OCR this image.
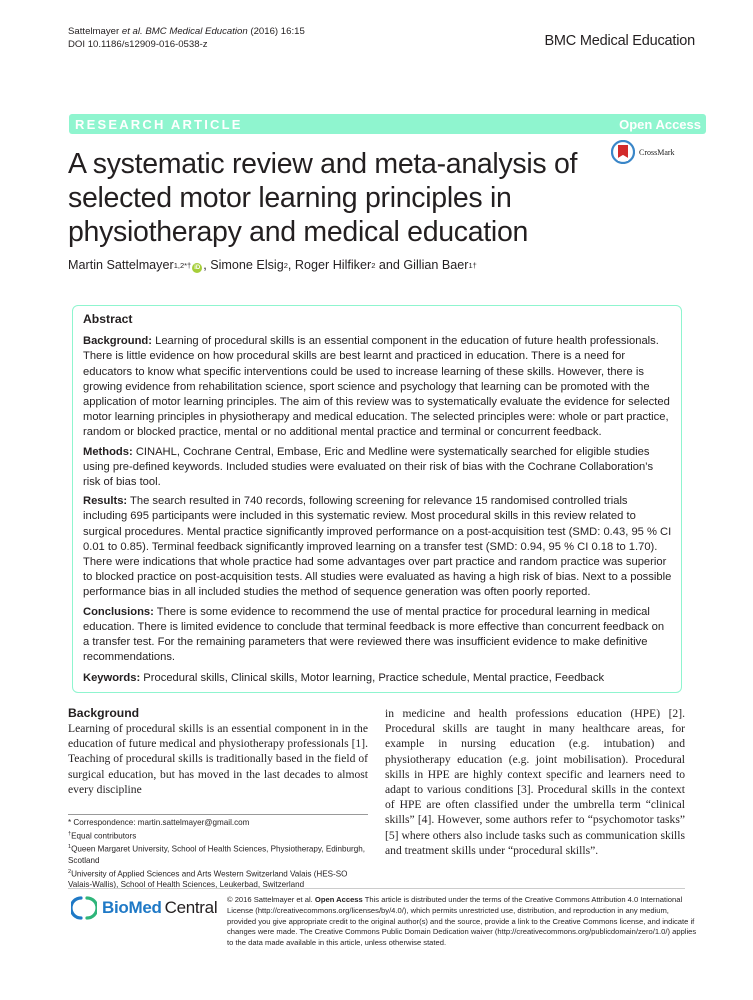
Sattelmayer et al. BMC Medical Education (2016) 16:15
DOI 10.1186/s12909-016-0538-z	BMC Medical Education
RESEARCH ARTICLE	Open Access
CrossMark
A systematic review and meta-analysis of selected motor learning principles in physiotherapy and medical education
Martin Sattelmayer$^{1,2*\dagger}$ iD , Simone Elsig$^2$ , Roger Hilfiker$^2$ and Gillian Baer$^{1\dagger}$
Abstract

Background: Learning of procedural skills is an essential component in the education of future health professionals. There is little evidence on how procedural skills are best learnt and practiced in education. There is a need for educators to know what specific interventions could be used to increase learning of these skills. However, there is growing evidence from rehabilitation science, sport science and psychology that learning can be promoted with the application of motor learning principles. The aim of this review was to systematically evaluate the evidence for selected motor learning principles in physiotherapy and medical education. The selected principles were: whole or part practice, random or blocked practice, mental or no additional mental practice and terminal or concurrent feedback.

Methods: CINAHL, Cochrane Central, Embase, Eric and Medline were systematically searched for eligible studies using pre-defined keywords. Included studies were evaluated on their risk of bias with the Cochrane Collaboration’s risk of bias tool.

Results: The search resulted in 740 records, following screening for relevance 15 randomised controlled trials including 695 participants were included in this systematic review. Most procedural skills in this review related to surgical procedures. Mental practice significantly improved performance on a post-acquisition test (SMD: 0.43, 95 % CI 0.01 to 0.85). Terminal feedback significantly improved learning on a transfer test (SMD: 0.94, 95 % CI 0.18 to 1.70). There were indications that whole practice had some advantages over part practice and random practice was superior to blocked practice on post-acquisition tests. All studies were evaluated as having a high risk of bias. Next to a possible performance bias in all included studies the method of sequence generation was often poorly reported.

Conclusions: There is some evidence to recommend the use of mental practice for procedural learning in medical education. There is limited evidence to conclude that terminal feedback is more effective than concurrent feedback on a transfer test. For the remaining parameters that were reviewed there was insufficient evidence to make definitive recommendations.

Keywords: Procedural skills, Clinical skills, Motor learning, Practice schedule, Mental practice, Feedback

Background

Learning of procedural skills is an essential component in in the education of future medical and physiotherapy professionals [1]. Teaching of procedural skills is traditionally based in the field of surgical education, but has moved in the last decades to almost every discipline

in medicine and health professions education (HPE) [2]. Procedural skills are taught in many healthcare areas, for example in nursing education (e.g. intubation) and physiotherapy education (e.g. joint mobilisation). Procedural skills in HPE are highly context specific and learners need to adapt to various conditions [3]. Procedural skills in the context of HPE are often classified under the umbrella term “clinical skills” [4]. However, some authors refer to “psychomotor tasks” [5] where others also include tasks such as communication skills and treatment skills under “procedural skills”.

* Correspondence: martin.sattelmayer@gmail.com
†Equal contributors
$^1$Queen Margaret University, School of Health Sciences, Physiotherapy, Edinburgh, Scotland
$^2$University of Applied Sciences and Arts Western Switzerland Valais (HES-SO Valais-Wallis), School of Health Sciences, Leukerbad, Switzerland
BioMed Central © 2016 Sattelmayer et al. Open Access This article is distributed under the terms of the Creative Commons Attribution 4.0 International License (http://creativecommons.org/licenses/by/4.0/), which permits unrestricted use, distribution, and reproduction in any medium, provided you give appropriate credit to the original author(s) and the source, provide a link to the Creative Commons license, and indicate if changes were made. The Creative Commons Public Domain Dedication waiver (http://creativecommons.org/publicdomain/zero/1.0/) applies to the data made available in this article, unless otherwise stated.
